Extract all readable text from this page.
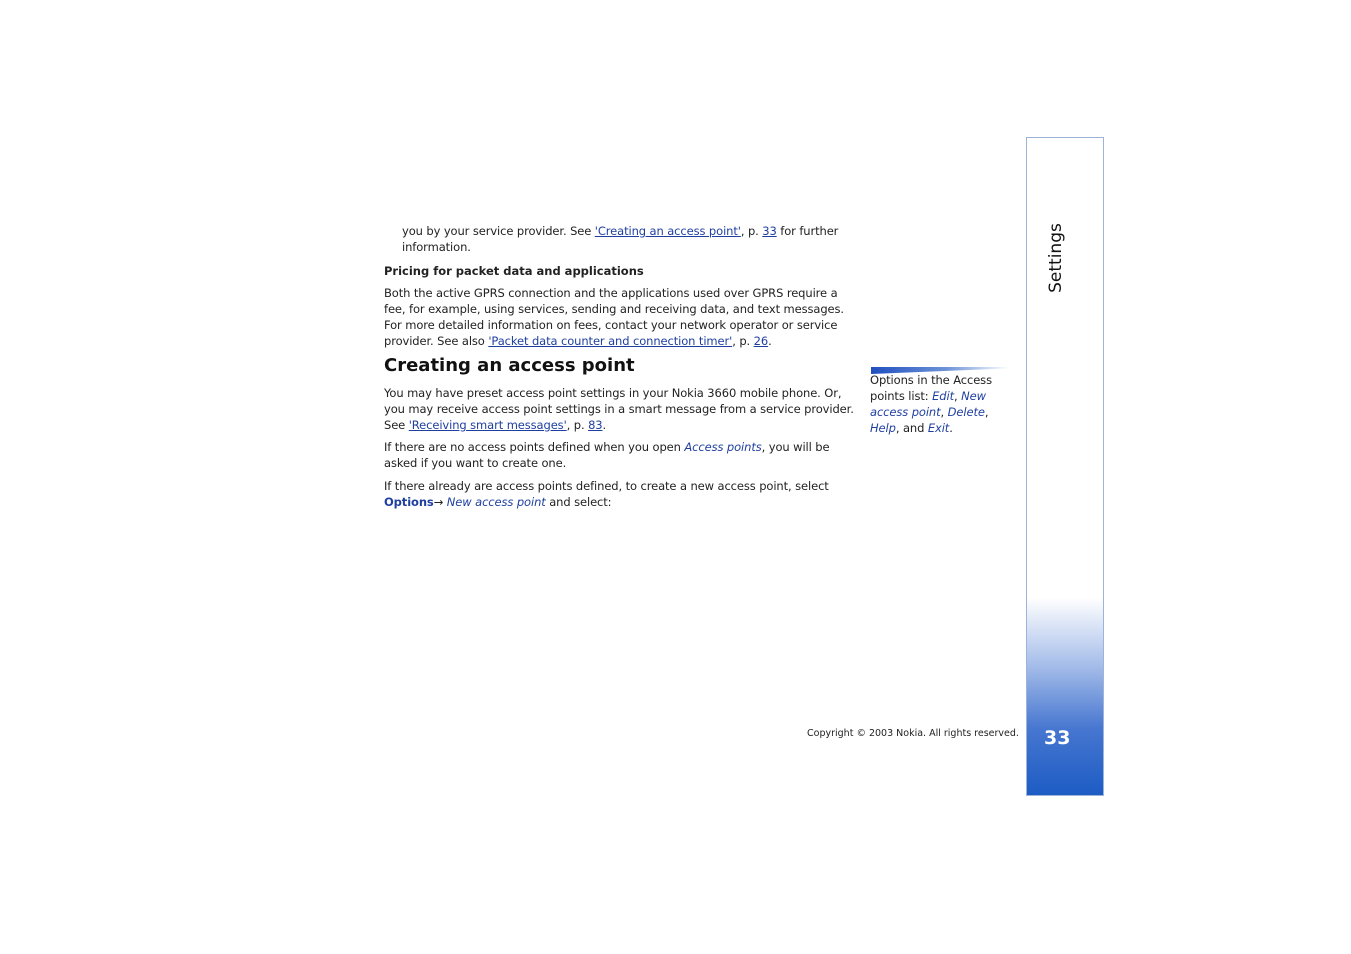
you by your service provider. See 'Creating an access point', p. 33 for further information.
Pricing for packet data and applications

Both the active GPRS connection and the applications used over GPRS require a fee, for example, using services, sending and receiving data, and text messages. For more detailed information on fees, contact your network operator or service provider. See also 'Packet data counter and connection timer', p. 26.

Creating an access point

You may have preset access point settings in your Nokia 3660 mobile phone. Or, you may receive access point settings in a smart message from a service provider. See 'Receiving smart messages', p. 83.

If there are no access points defined when you open Access points, you will be asked if you want to create one.

If there already are access points defined, to create a new access point, select Options→ New access point and select:

Options in the Access points list: Edit, New access point, Delete, Help, and Exit.
Copyright © 2003 Nokia. All rights reserved.
Settings
33
